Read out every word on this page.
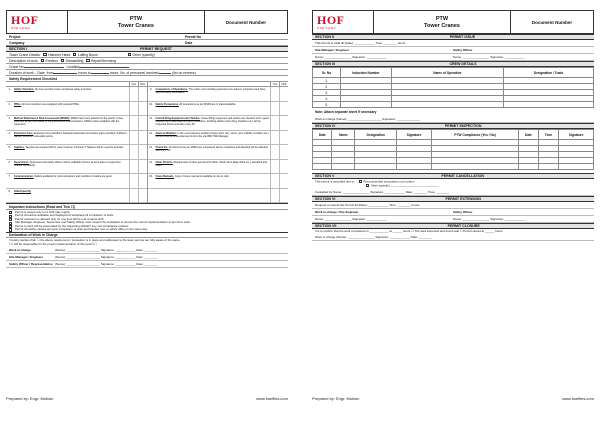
HOF
HSE FILES
PTW
Tower Cranes
Document Number
Project	Permit No
Company	Date
SECTION I	PERMIT REQUEST
Tower Crane Details: Hammer Head Luffing Boom	Other (specify)
Description of work Erection Dismantling Repair/Servicing
Crane No:	Location
Duration of work – Date from	hours to	hours No. of personnel involved:	(list on reverse)
Safety Requirement Checklist
Yes	N/A
1.	Safety Induction- All crew members have completed safety induction.
2.	PPEs- All crew members are equipped with required PPEs.
3.	Method Statement & Risk Assessment (MSRA): MSRA have been attached in the permit. Crane crew and all are fully aware of the precautions and procedures. MSRA copies available with the supervisor.
4.	Exclusion Zone- Exclusion zone identified. Adequate barricade and caution signs provided. Sufficient warden posted in vulnerable points.
5.	Taglines- Tag lines as required will be used, however minimum 2 Taglines will be used for all loads.
6.	Supervision- Supervisor and safety officers will be available full time at work place to supervise/ monitor the activity.
7.	Communication- Radios available for communications and condition of radios are good.
8.	Other(specify)
Yes	N/A
9.	Competency of Operatives- The entire crew including supervisor are trained, competent and have valid 3rd party certificates.
10.	Safety Precautions- All precautions as per MSRA are in place/available.
11.	Crane/Lifting Equipment and Tackles- Crane/ lifting equipment and tackles are checked and in good condition and have valid 3rd party certificates. All lifting tackles (web sling, shackles etc.) will be inspected before and after every lift.
12.	Adverse Weather- In the event adverse weather (heavy wind, rain, storm, poor visibility condition etc.) the work will be suspended and inform the site BM/ HSE Manager.
13.	Check list- All check list as per MSRA are completed/ will be completed and attached will be attached with the PTW.
14.	Other Permits- Requirement of other permits (Hot Work, Shaft, Floor Edge Work etc.), identified and taken.
15.	Crane Manuals- Copy of crane manual is available on site to refer.
Important Instructions (Read and Tick ☐)
Permit is issued only for a shift (day /night).
Permit should be available and displayed at workplace till completion of work.
Permit extension is allowed only for one time till the end of same shift.
Site Manager, Engineer, Supervisor and Safety Officer must inspect the workplace to ensure the correct implementation of permit to work.
Permit to work will be suspended by the inspecting official if any non-compliance noticed.
Permit should be closed-out upon completion of work and handed over to safety office on the same day.
Declaration of Work in Charge

I hereby declare that: ☐ the above requirement / precaution is in place and addressed to the team and we are fully aware of the same.

☐ I will be responsible for the proper implementation of this permit ☐

Work in-charge	(Name): ____________________ Signature: ____________ Date: ________
Site Manager / Engineer	(Name): ____________________ Signature: ____________ Date: ________
Safety Officer / Representative (Name): ____________________ Signature: ____________ Date: ________
HOF
HSE FILES
PTW
Tower Cranes
Document Number
SECTION II	PERMIT ISSUE
This Permit is valid till (Date): ____________ Time: ________ hours
Site Manager / Engineer	Safety Officer
Name: ________________ Signature: ____________	Name: ________________ Signature: ____________
SECTION III	CREW DETAILS
Sr. No	Induction Number	Name of Operative	Designation / Trade
1.			
2.			
3.			
4.			
5.			
Note: Attach separate sheet if necessary
Work-in-charge (Name): ____________________ Signature: ______________
SECTION IV	PERMIT INSPECTION
Date	Name	Designation	Signature	PTW Compliance (Yes / No)	Date	Time	Signature

SECTION V	PERMIT CANCELLATION

This permit is cancelled due to:	Recommended precautions not in place

Other (specify) ______________________________

Cancelled by Name: ________________ Signature: ____________ Date: ________ Time: ________
SECTION VI	PERMIT EXTENSION
Request to extend the Permit till (Date): ____________ Time: ________ hours.
Work in-charge / Site Engineer	Safety Officer
Name: ________________ Signature: ____________	Name: ________________ Signature: ____________
SECTION VII	PERMIT CLOSURE

It is to confirm that the work completed on ____________ at ______ hours ☐ The area inspected and found safe ☐ Permit closed at ______ hours.

Work in-charge (Name): ________________ Signature: ____________ Date: ________
Prepared by: Engr. Mohsin	www.hsefiles.com	Prepared by: Engr. Mohsin	www.hsefiles.com
